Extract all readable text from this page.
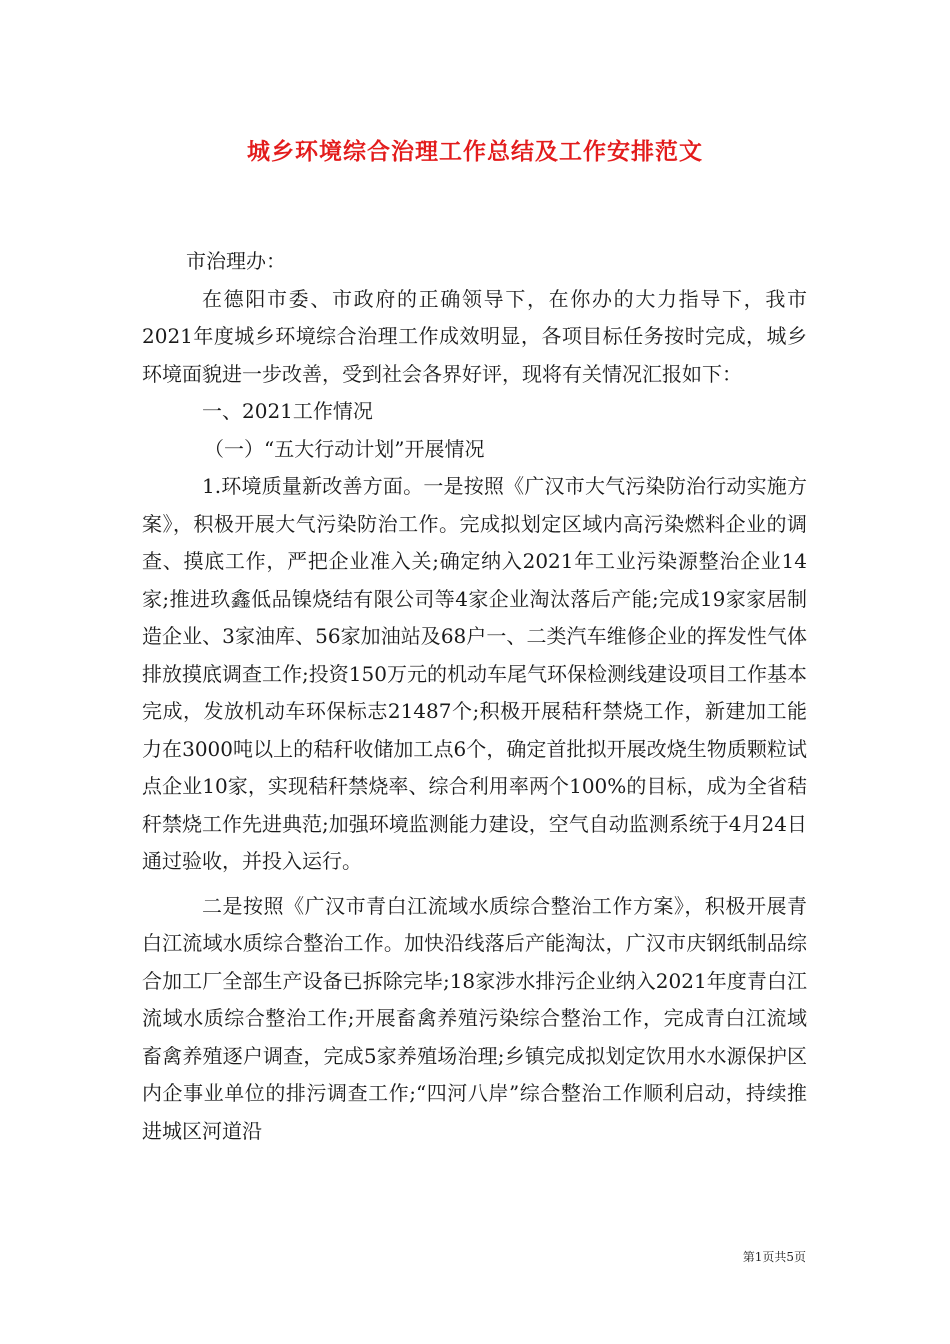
城乡环境综合治理工作总结及工作安排范文

市治理办：

在德阳市委、市政府的正确领导下，在你办的大力指导下，我市2021年度城乡环境综合治理工作成效明显，各项目标任务按时完成，城乡环境面貌进一步改善，受到社会各界好评，现将有关情况汇报如下：

一、2021工作情况

（一）“五大行动计划”开展情况

1.环境质量新改善方面。一是按照《广汉市大气污染防治行动实施方案》，积极开展大气污染防治工作。完成拟划定区域内高污染燃料企业的调查、摸底工作，严把企业准入关;确定纳入2021年工业污染源整治企业14家;推进玖鑫低品镍烧结有限公司等4家企业淘汰落后产能;完成19家家居制造企业、3家油库、56家加油站及68户一、二类汽车维修企业的挥发性气体排放摸底调查工作;投资150万元的机动车尾气环保检测线建设项目工作基本完成，发放机动车环保标志21487个;积极开展秸秆禁烧工作，新建加工能力在3000吨以上的秸秆收储加工点6个，确定首批拟开展改烧生物质颗粒试点企业10家，实现秸秆禁烧率、综合利用率两个100%的目标，成为全省秸秆禁烧工作先进典范;加强环境监测能力建设，空气自动监测系统于4月24日通过验收，并投入运行。

二是按照《广汉市青白江流域水质综合整治工作方案》，积极开展青白江流域水质综合整治工作。加快沿线落后产能淘汰，广汉市庆钢纸制品综合加工厂全部生产设备已拆除完毕;18家涉水排污企业纳入2021年度青白江流域水质综合整治工作;开展畜禽养殖污染综合整治工作，完成青白江流域畜禽养殖逐户调查，完成5家养殖场治理;乡镇完成拟划定饮用水水源保护区内企事业单位的排污调查工作;“四河八岸”综合整治工作顺利启动，持续推进城区河道沿

第1页共5页
